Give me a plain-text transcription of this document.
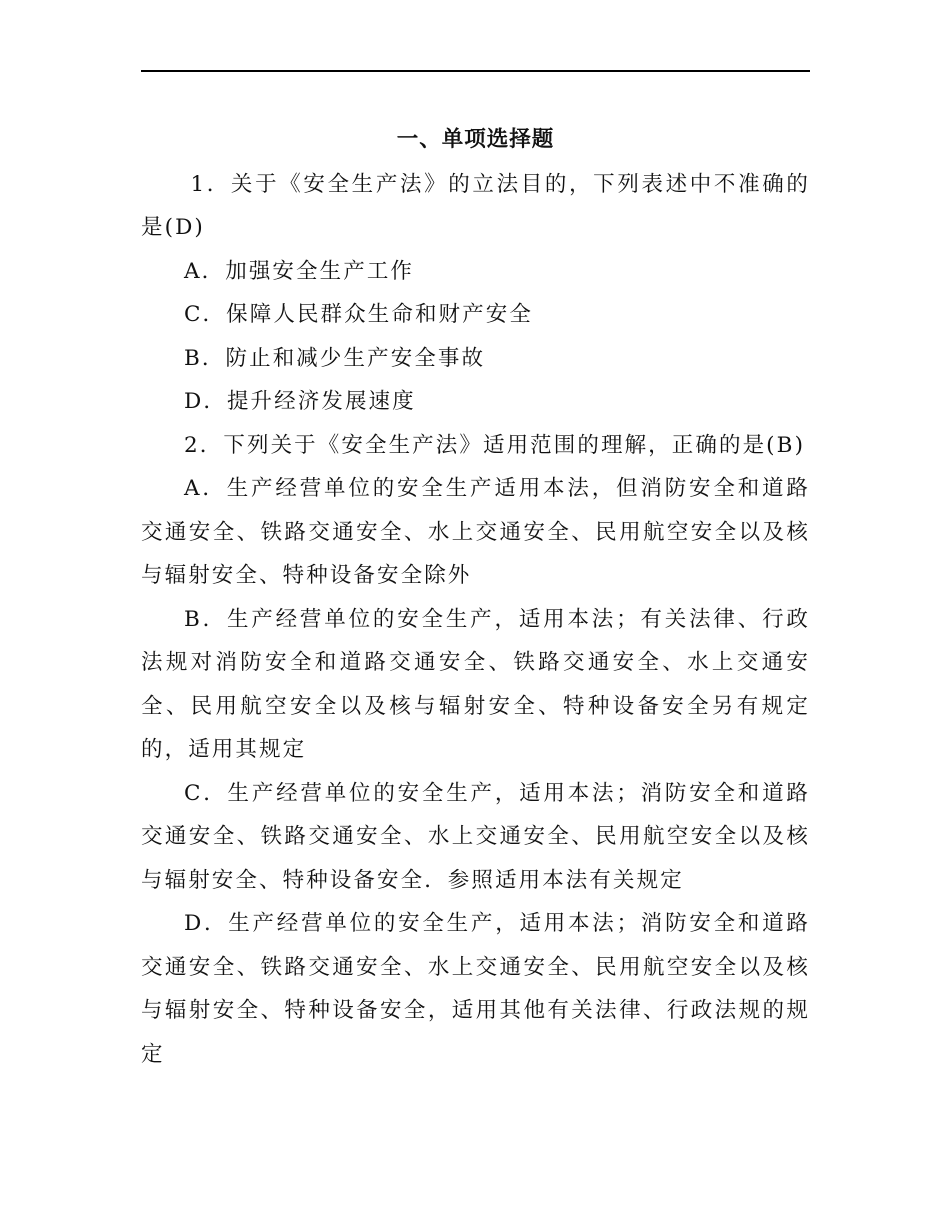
一、单项选择题

1．关于《安全生产法》的立法目的，下列表述中不准确的是(D)

A．加强安全生产工作

C．保障人民群众生命和财产安全

B．防止和减少生产安全事故

D．提升经济发展速度

2．下列关于《安全生产法》适用范围的理解，正确的是(B)

A．生产经营单位的安全生产适用本法，但消防安全和道路交通安全、铁路交通安全、水上交通安全、民用航空安全以及核与辐射安全、特种设备安全除外

B．生产经营单位的安全生产，适用本法；有关法律、行政法规对消防安全和道路交通安全、铁路交通安全、水上交通安全、民用航空安全以及核与辐射安全、特种设备安全另有规定的，适用其规定

C．生产经营单位的安全生产，适用本法；消防安全和道路交通安全、铁路交通安全、水上交通安全、民用航空安全以及核与辐射安全、特种设备安全．参照适用本法有关规定

D．生产经营单位的安全生产，适用本法；消防安全和道路交通安全、铁路交通安全、水上交通安全、民用航空安全以及核与辐射安全、特种设备安全，适用其他有关法律、行政法规的规定
